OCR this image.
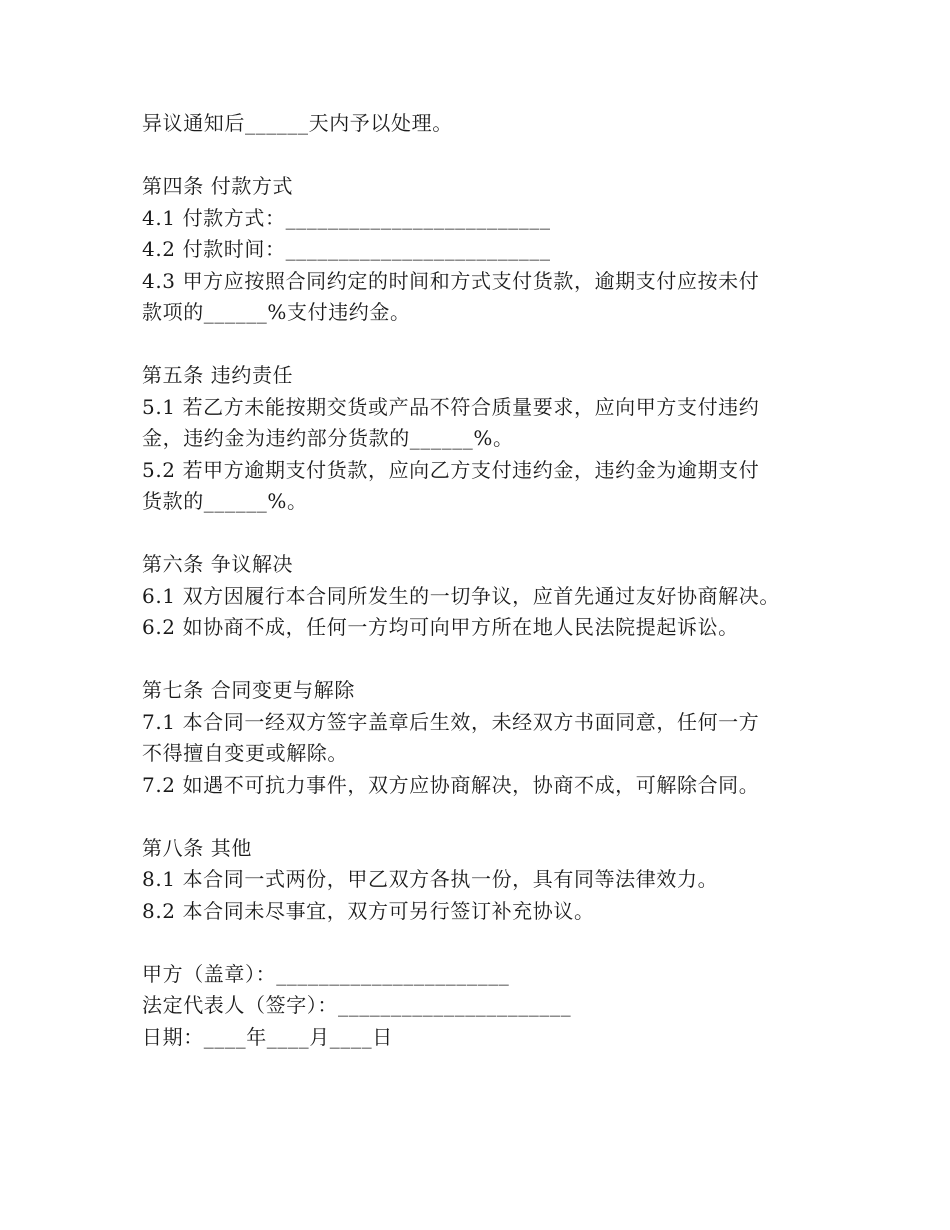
异议通知后______天内予以处理。
第四条 付款方式
4.1 付款方式：_________________________
4.2 付款时间：_________________________
4.3 甲方应按照合同约定的时间和方式支付货款，逾期支付应按未付
款项的______%支付违约金。
第五条 违约责任
5.1 若乙方未能按期交货或产品不符合质量要求，应向甲方支付违约
金，违约金为违约部分货款的______%。
5.2 若甲方逾期支付货款，应向乙方支付违约金，违约金为逾期支付
货款的______%。
第六条 争议解决
6.1 双方因履行本合同所发生的一切争议，应首先通过友好协商解决。
6.2 如协商不成，任何一方均可向甲方所在地人民法院提起诉讼。
第七条 合同变更与解除
7.1 本合同一经双方签字盖章后生效，未经双方书面同意，任何一方
不得擅自变更或解除。
7.2 如遇不可抗力事件，双方应协商解决，协商不成，可解除合同。
第八条 其他
8.1 本合同一式两份，甲乙双方各执一份，具有同等法律效力。
8.2 本合同未尽事宜，双方可另行签订补充协议。
甲方（盖章）：______________________
法定代表人（签字）：______________________
日期：____年____月____日
